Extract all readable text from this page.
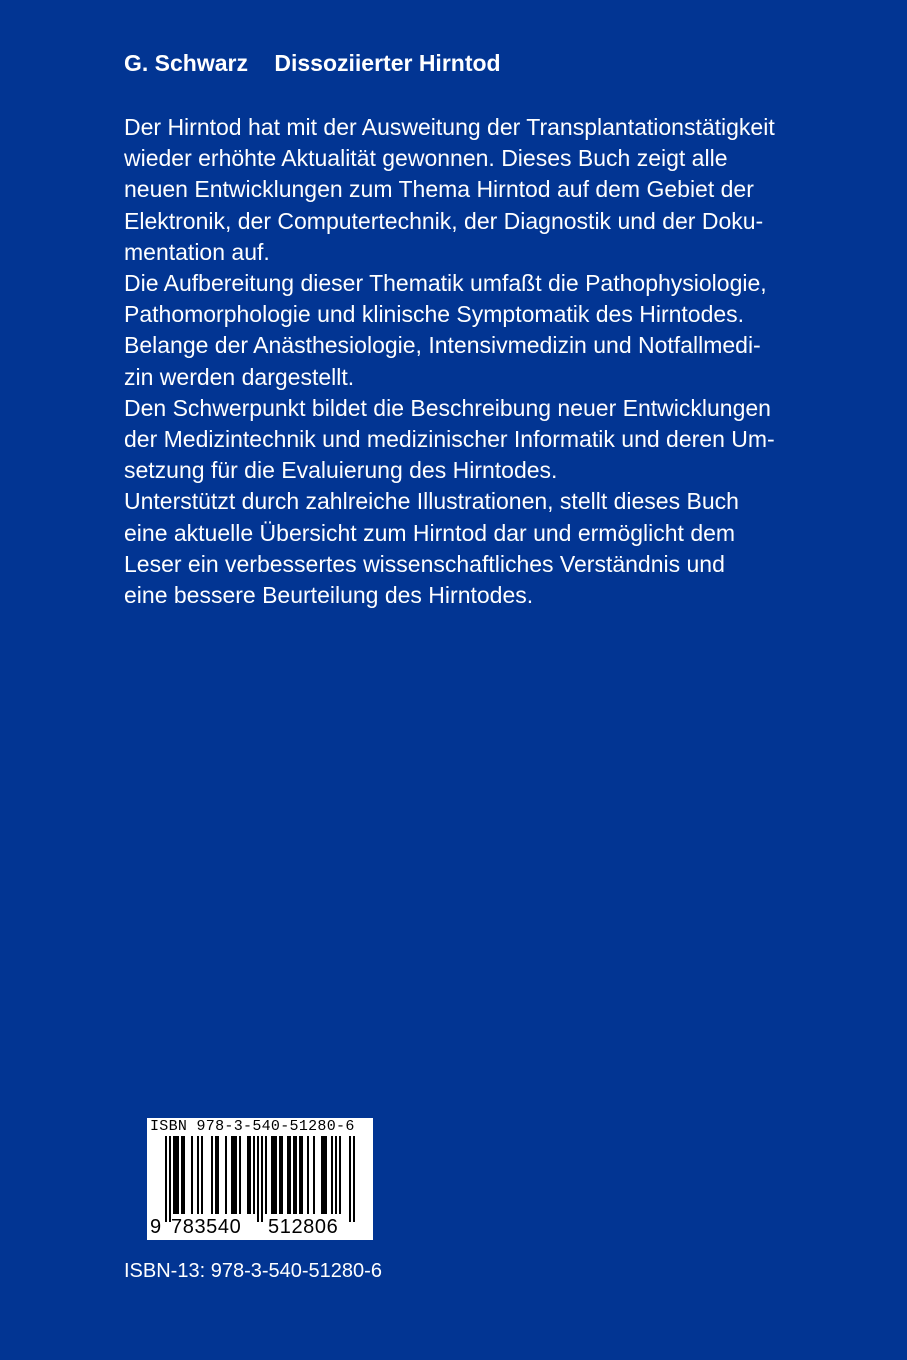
G. Schwarz Dissoziierter Hirntod
Der Hirntod hat mit der Ausweitung der Transplantationstätigkeit
wieder erhöhte Aktualität gewonnen. Dieses Buch zeigt alle
neuen Entwicklungen zum Thema Hirntod auf dem Gebiet der
Elektronik, der Computertechnik, der Diagnostik und der Doku-
mentation auf.
Die Aufbereitung dieser Thematik umfaßt die Pathophysiologie,
Pathomorphologie und klinische Symptomatik des Hirntodes.
Belange der Anästhesiologie, Intensivmedizin und Notfallmedi-
zin werden dargestellt.
Den Schwerpunkt bildet die Beschreibung neuer Entwicklungen
der Medizintechnik und medizinischer Informatik und deren Um-
setzung für die Evaluierung des Hirntodes.
Unterstützt durch zahlreiche Illustrationen, stellt dieses Buch
eine aktuelle Übersicht zum Hirntod dar und ermöglicht dem
Leser ein verbessertes wissenschaftliches Verständnis und
eine bessere Beurteilung des Hirntodes.
ISBN 978-3-540-51280-6
9 783540 512806
ISBN-13: 978-3-540-51280-6
